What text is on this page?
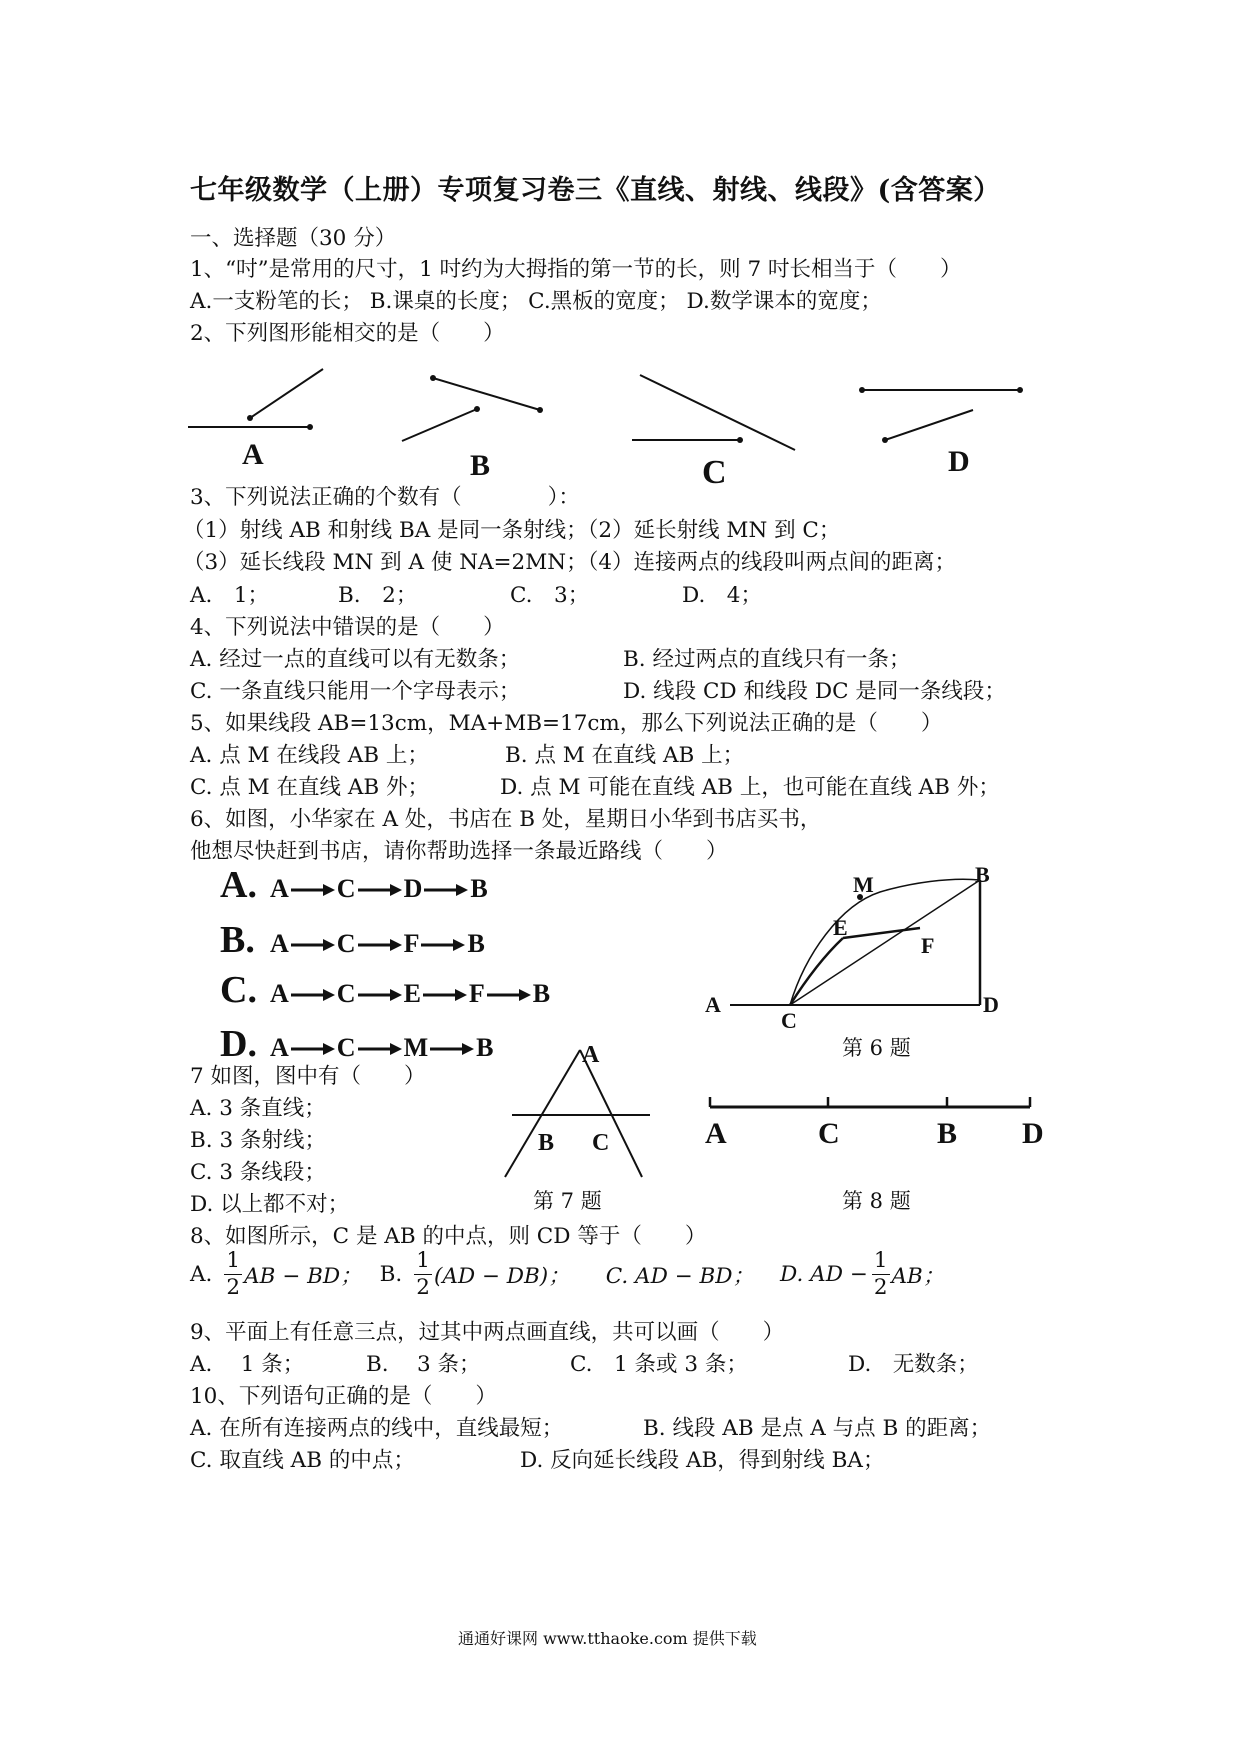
七年级数学（上册）专项复习卷三《直线、射线、线段》(含答案）
一、选择题（30 分）
1、“吋”是常用的尺寸，1 吋约为大拇指的第一节的长，则 7 吋长相当于（　　）
A.一支粉笔的长； B.课桌的长度； C.黑板的宽度； D.数学课本的宽度；
2、下列图形能相交的是（　　）
A	B	C	D
3、下列说法正确的个数有（　　　　）：
（1）射线 AB 和射线 BA 是同一条射线；（2）延长射线 MN 到 C；
（3）延长线段 MN 到 A 使 NA=2MN；（4）连接两点的线段叫两点间的距离；
A.　1；	B.　2；	C.　3；	D.　4；
4、下列说法中错误的是（　　）
A. 经过一点的直线可以有无数条；	B. 经过两点的直线只有一条；
C. 一条直线只能用一个字母表示；	D. 线段 CD 和线段 DC 是同一条线段；
5、如果线段 AB=13cm，MA+MB=17cm，那么下列说法正确的是（　　）
A. 点 M 在线段 AB 上；	B. 点 M 在直线 AB 上；
C. 点 M 在直线 AB 外；	D. 点 M 可能在直线 AB 上，也可能在直线 AB 外；
6、如图，小华家在 A 处，书店在 B 处，星期日小华到书店买书，
他想尽快赶到书店，请你帮助选择一条最近路线（　　）
A. A C D B
B. A C F B
C. A C E F B
D. A C M B
M	B
E
F
A
C
D
第 6 题
7 如图，图中有（　　）
A. 3 条直线；
B. 3 条射线；
C. 3 条线段；
D. 以上都不对；
A
B C
第 7 题
A	C	B D
第 8 题
8、如图所示，C 是 AB 的中点，则 CD 等于（　　）
A. $\frac{1}{2}$ AB − BD； B. $\frac{1}{2} (AD - DB)$； C. AD − BD； D. AD − $\frac{1}{2}$ AB；
9、平面上有任意三点，过其中两点画直线，共可以画（　　）
A.　 1 条；	B.　 3 条；	C.　1 条或 3 条；	D.　无数条；
10、下列语句正确的是（　　）
A. 在所有连接两点的线中，直线最短；	B. 线段 AB 是点 A 与点 B 的距离；
C. 取直线 AB 的中点；	D. 反向延长线段 AB，得到射线 BA；
通通好课网 www.tthaoke.com 提供下载
